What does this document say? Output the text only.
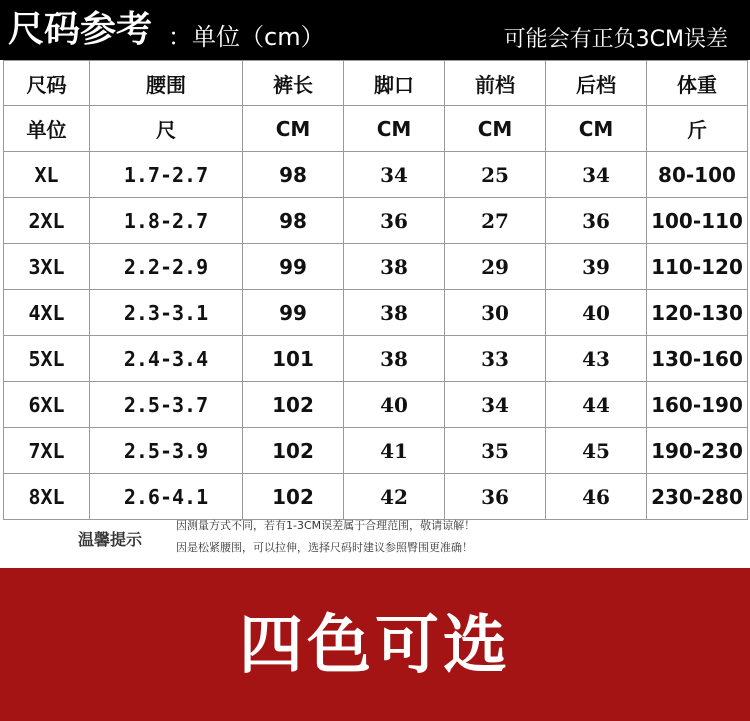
尺码参考 ：单位（cm）	可能会有正负3CM误差
尺码	腰围	裤长	脚口	前档	后档	体重
单位	尺	CM	CM	CM	CM	斤
XL	1.7-2.7	98	34	25	34	80-100
2XL	1.8-2.7	98	36	27	36	100-110
3XL	2.2-2.9	99	38	29	39	110-120
4XL	2.3-3.1	99	38	30	40	120-130
5XL	2.4-3.4	101	38	33	43	130-160
6XL	2.5-3.7	102	40	34	44	160-190
7XL	2.5-3.9	102	41	35	45	190-230
8XL	2.6-4.1	102	42	36	46	230-280
温馨提示
因测量方式不同，若有1-3CM误差属于合理范围，敬请谅解！
因是松紧腰围，可以拉伸，选择尺码时建议参照臀围更准确！
四色可选
